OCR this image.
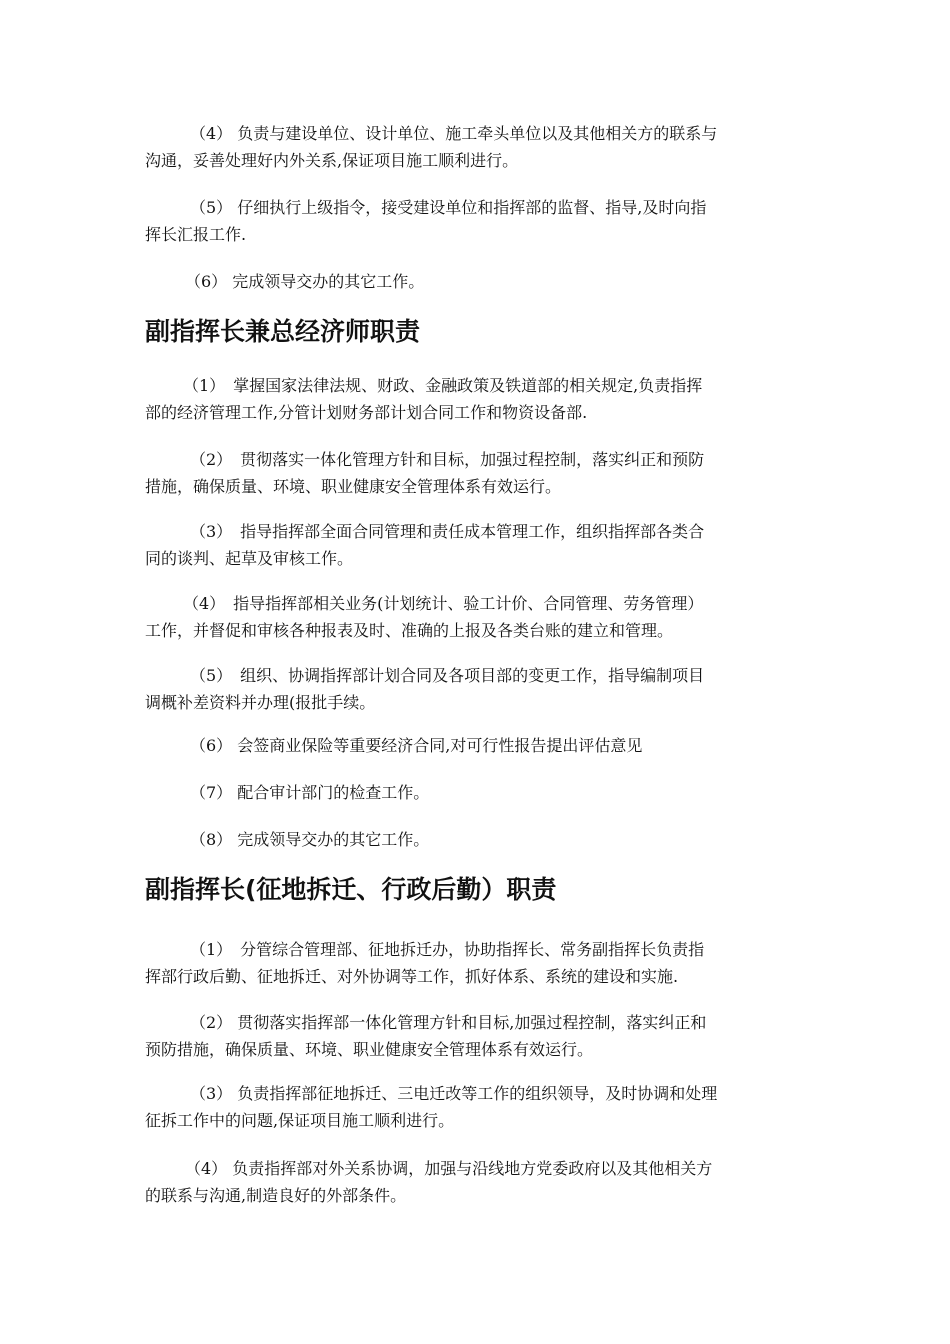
（4） 负责与建设单位、设计单位、施工牵头单位以及其他相关方的联系与
沟通，妥善处理好内外关系,保证项目施工顺利进行。

（5） 仔细执行上级指令，接受建设单位和指挥部的监督、指导,及时向指
挥长汇报工作.

（6） 完成领导交办的其它工作。

副指挥长兼总经济师职责

（1）　掌握国家法律法规、财政、金融政策及铁道部的相关规定,负责指挥
部的经济管理工作,分管计划财务部计划合同工作和物资设备部.

（2）　贯彻落实一体化管理方针和目标，加强过程控制，落实纠正和预防
措施，确保质量、环境、职业健康安全管理体系有效运行。

（3）　指导指挥部全面合同管理和责任成本管理工作，组织指挥部各类合
同的谈判、起草及审核工作。

（4）　指导指挥部相关业务(计划统计、验工计价、合同管理、劳务管理）
工作，并督促和审核各种报表及时、准确的上报及各类台账的建立和管理。

（5）　组织、协调指挥部计划合同及各项目部的变更工作，指导编制项目
调概补差资料并办理(报批手续。

（6） 会签商业保险等重要经济合同,对可行性报告提出评估意见

（7） 配合审计部门的检查工作。

（8） 完成领导交办的其它工作。

副指挥长(征地拆迁、行政后勤）职责

（1）　分管综合管理部、征地拆迁办，协助指挥长、常务副指挥长负责指
挥部行政后勤、征地拆迁、对外协调等工作，抓好体系、系统的建设和实施.

（2） 贯彻落实指挥部一体化管理方针和目标,加强过程控制，落实纠正和
预防措施，确保质量、环境、职业健康安全管理体系有效运行。

（3） 负责指挥部征地拆迁、三电迁改等工作的组织领导，及时协调和处理
征拆工作中的问题,保证项目施工顺利进行。

（4） 负责指挥部对外关系协调，加强与沿线地方党委政府以及其他相关方
的联系与沟通,制造良好的外部条件。
